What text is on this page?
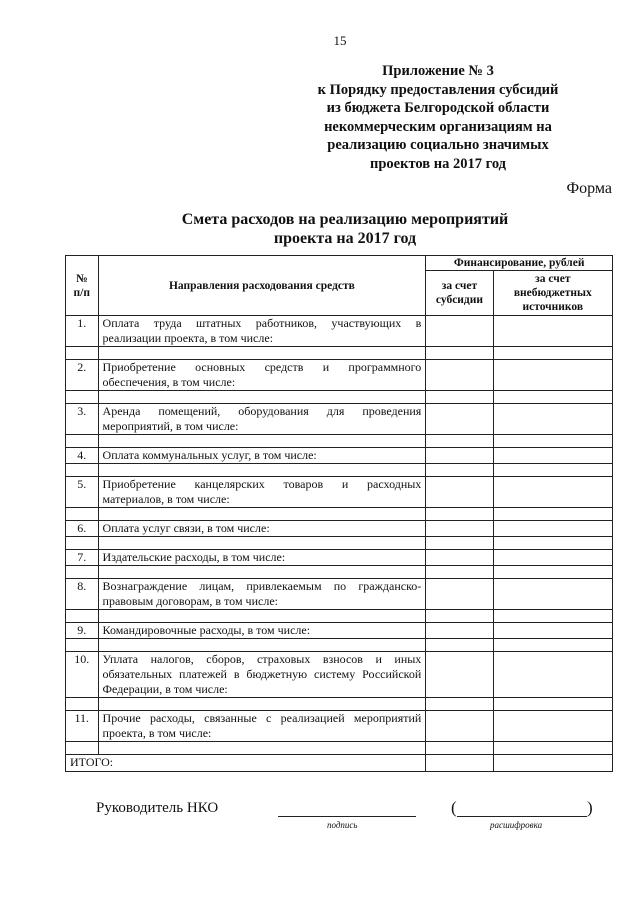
15
Приложение № 3
к Порядку предоставления субсидий
из бюджета Белгородской области
некоммерческим организациям на
реализацию социально значимых
проектов на 2017 год
Форма
Смета расходов на реализацию мероприятий
проекта на 2017 год
№ п/п	Направления расходования средств	Финансирование, рублей	
		за счет субсидии	за счет внебюджетных источников
1.	Оплата труда штатных работников, участвующих в реализации проекта, в том числе:		

2.	Приобретение основных средств и программного обеспечения, в том числе:		

3.	Аренда помещений, оборудования для проведения мероприятий, в том числе:		

4.	Оплата коммунальных услуг, в том числе:		

5.	Приобретение канцелярских товаров и расходных материалов, в том числе:		

6.	Оплата услуг связи, в том числе:		

7.	Издательские расходы, в том числе:		

8.	Вознаграждение лицам, привлекаемым по гражданско-правовым договорам, в том числе:		

9.	Командировочные расходы, в том числе:		

10.	Уплата налогов, сборов, страховых взносов и иных обязательных платежей в бюджетную систему Российской Федерации, в том числе:		

11.	Прочие расходы, связанные с реализацией мероприятий проекта, в том числе:		

ИТОГО:			
Руководитель НКО
подпись
(	)
расшифровка
